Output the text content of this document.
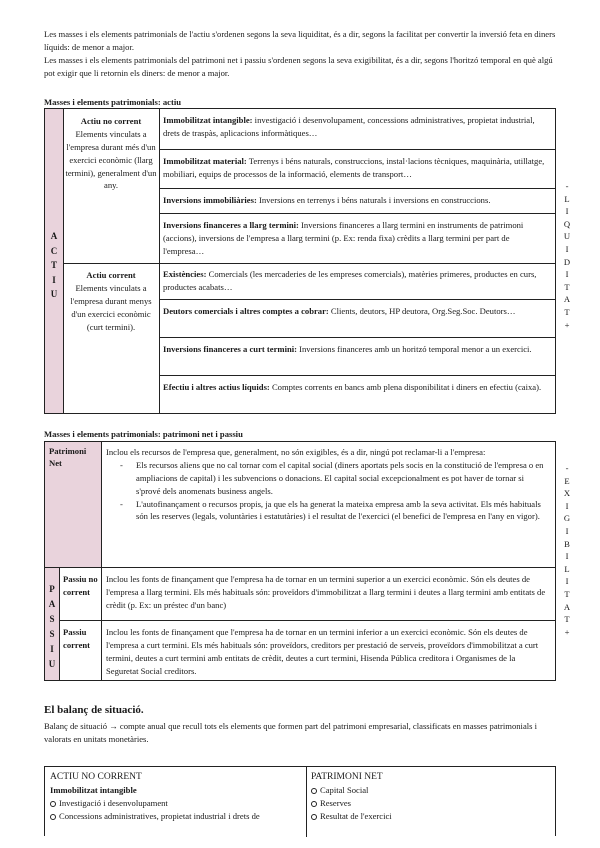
Les masses i els elements patrimonials de l'actiu s'ordenen segons la seva liquiditat, és a dir, segons la facilitat per convertir la inversió feta en diners líquids: de menor a major.

Les masses i els elements patrimonials del patrimoni net i passiu s'ordenen segons la seva exigibilitat, és a dir, segons l'horitzó temporal en què algú pot exigir que li retornin els diners: de menor a major.

Masses i elements patrimonials: actiu
A
C
T
I
U
Actiu no corrent
Elements vinculats a l'empresa durant més d'un exercici econòmic (llarg termini), generalment d'un any.
Actiu corrent
Elements vinculats a l'empresa durant menys d'un exercici econòmic (curt termini).
Immobilitzat intangible: investigació i desenvolupament, concessions administratives, propietat industrial, drets de traspàs, aplicacions informàtiques…
Immobilitzat material: Terrenys i béns naturals, construccions, instal·lacions tècniques, maquinària, utillatge, mobiliari, equips de processos de la informació, elements de transport…
Inversions immobiliàries: Inversions en terrenys i béns naturals i inversions en construccions.
Inversions financeres a llarg termini: Inversions financeres a llarg termini en instruments de patrimoni (accions), inversions de l'empresa a llarg termini (p. Ex: renda fixa) crèdits a llarg termini per part de l'empresa…
Existències: Comercials (les mercaderies de les empreses comercials), matèries primeres, productes en curs, productes acabats…
Deutors comercials i altres comptes a cobrar: Clients, deutors, HP deutora, Org.Seg.Soc. Deutors…
Inversions financeres a curt termini: Inversions financeres amb un horitzó temporal menor a un exercici.
Efectiu i altres actius líquids: Comptes corrents en bancs amb plena disponibilitat i diners en efectiu (caixa).
-
L
I
Q
U
I
D
I
T
A
T
+
Masses i elements patrimonials: patrimoni net i passiu
Patrimoni Net

Inclou els recursos de l'empresa que, generalment, no són exigibles, és a dir, ningú pot reclamar-li a l'empresa:

- Els recursos aliens que no cal tornar com el capital social (diners aportats pels socis en la constitució de l'empresa o en ampliacions de capital) i les subvencions o donacions. El capital social excepcionalment es pot haver de tornar si s'prové dels anomenats business angels.
- L'autofinançament o recursos propis, ja que els ha generat la mateixa empresa amb la seva activitat. Els més habituals són les reserves (legals, voluntàries i estatutàries) i el resultat de l'exercici (el benefici de l'empresa en l'any en vigor).
P
A
S
S
I
U
Passiu no corrent
Inclou les fonts de finançament que l'empresa ha de tornar en un termini superior a un exercici econòmic. Són els deutes de l'empresa a llarg termini. Els més habituals són: proveïdors d'immobilitzat a llarg termini i deutes a llarg termini amb entitats de crèdit (p. Ex: un préstec d'un banc)
Passiu corrent
Inclou les fonts de finançament que l'empresa ha de tornar en un termini inferior a un exercici econòmic. Són els deutes de l'empresa a curt termini. Els més habituals són: proveïdors, creditors per prestació de serveis, proveïdors d'immobilitzat a curt termini, deutes a curt termini amb entitats de crèdit, deutes a curt termini, Hisenda Pública creditora i Organismes de la Seguretat Social creditors.
-
E
X
I
G
I
B
I
L
I
T
A
T
+
El balanç de situació.
Balanç de situació → compte anual que recull tots els elements que formen part del patrimoni empresarial, classificats en masses patrimonials i valorats en unitats monetàries.
ACTIU NO CORRENT
Immobilitzat intangible
Investigació i desenvolupament
Concessions administratives, propietat industrial i drets de
PATRIMONI NET
Capital Social
Reserves
Resultat de l'exercici
